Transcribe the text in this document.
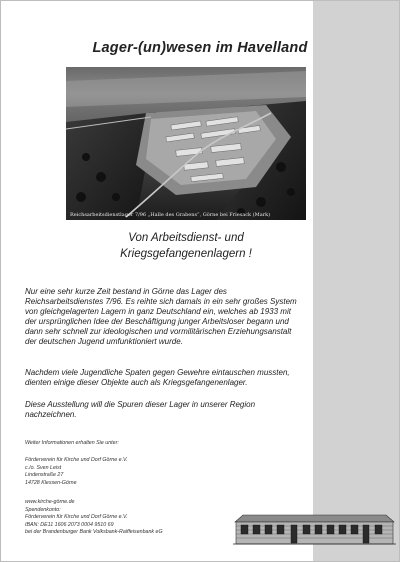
Lager-(un)wesen im Havelland
Reichsarbeitsdienstlager 7/96 „Halle des Grabens“, Görne bei Friesack (Mark)
Von Arbeitsdienst- und
Kriegsgefangenenlagern !
Nur eine sehr kurze Zeit bestand in Görne das Lager des
Reichsarbeitsdienstes 7/96. Es reihte sich damals in ein sehr großes System
von gleichgelagerten Lagern in ganz Deutschland ein, welches ab 1933 mit
der ursprünglichen Idee der Beschäftigung junger Arbeitsloser begann und
dann sehr schnell zur ideologischen und vormilitärischen Erziehungsanstalt
der deutschen Jugend umfunktioniert wurde.
Nachdem viele Jugendliche Spaten gegen Gewehre eintauschen mussten,
dienten einige dieser Objekte auch als Kriegsgefangenenlager.
Diese Ausstellung will die Spuren dieser Lager in unserer Region
nachzeichnen.
Weiter Informationen erhalten Sie unter:
Förderverein für Kirche und Dorf Görne e.V.
c./o. Sven Leist
Lindenstraße 27
14728 Klessen-Görne
www.kirche-görne.de
Spendenkonto:
Förderverein für Kirche und Dorf Görne e.V.
IBAN: DE11 1606 2073 0004 9510 69
bei der Brandenburger Bank Volksbank-Raiffeisenbank eG
